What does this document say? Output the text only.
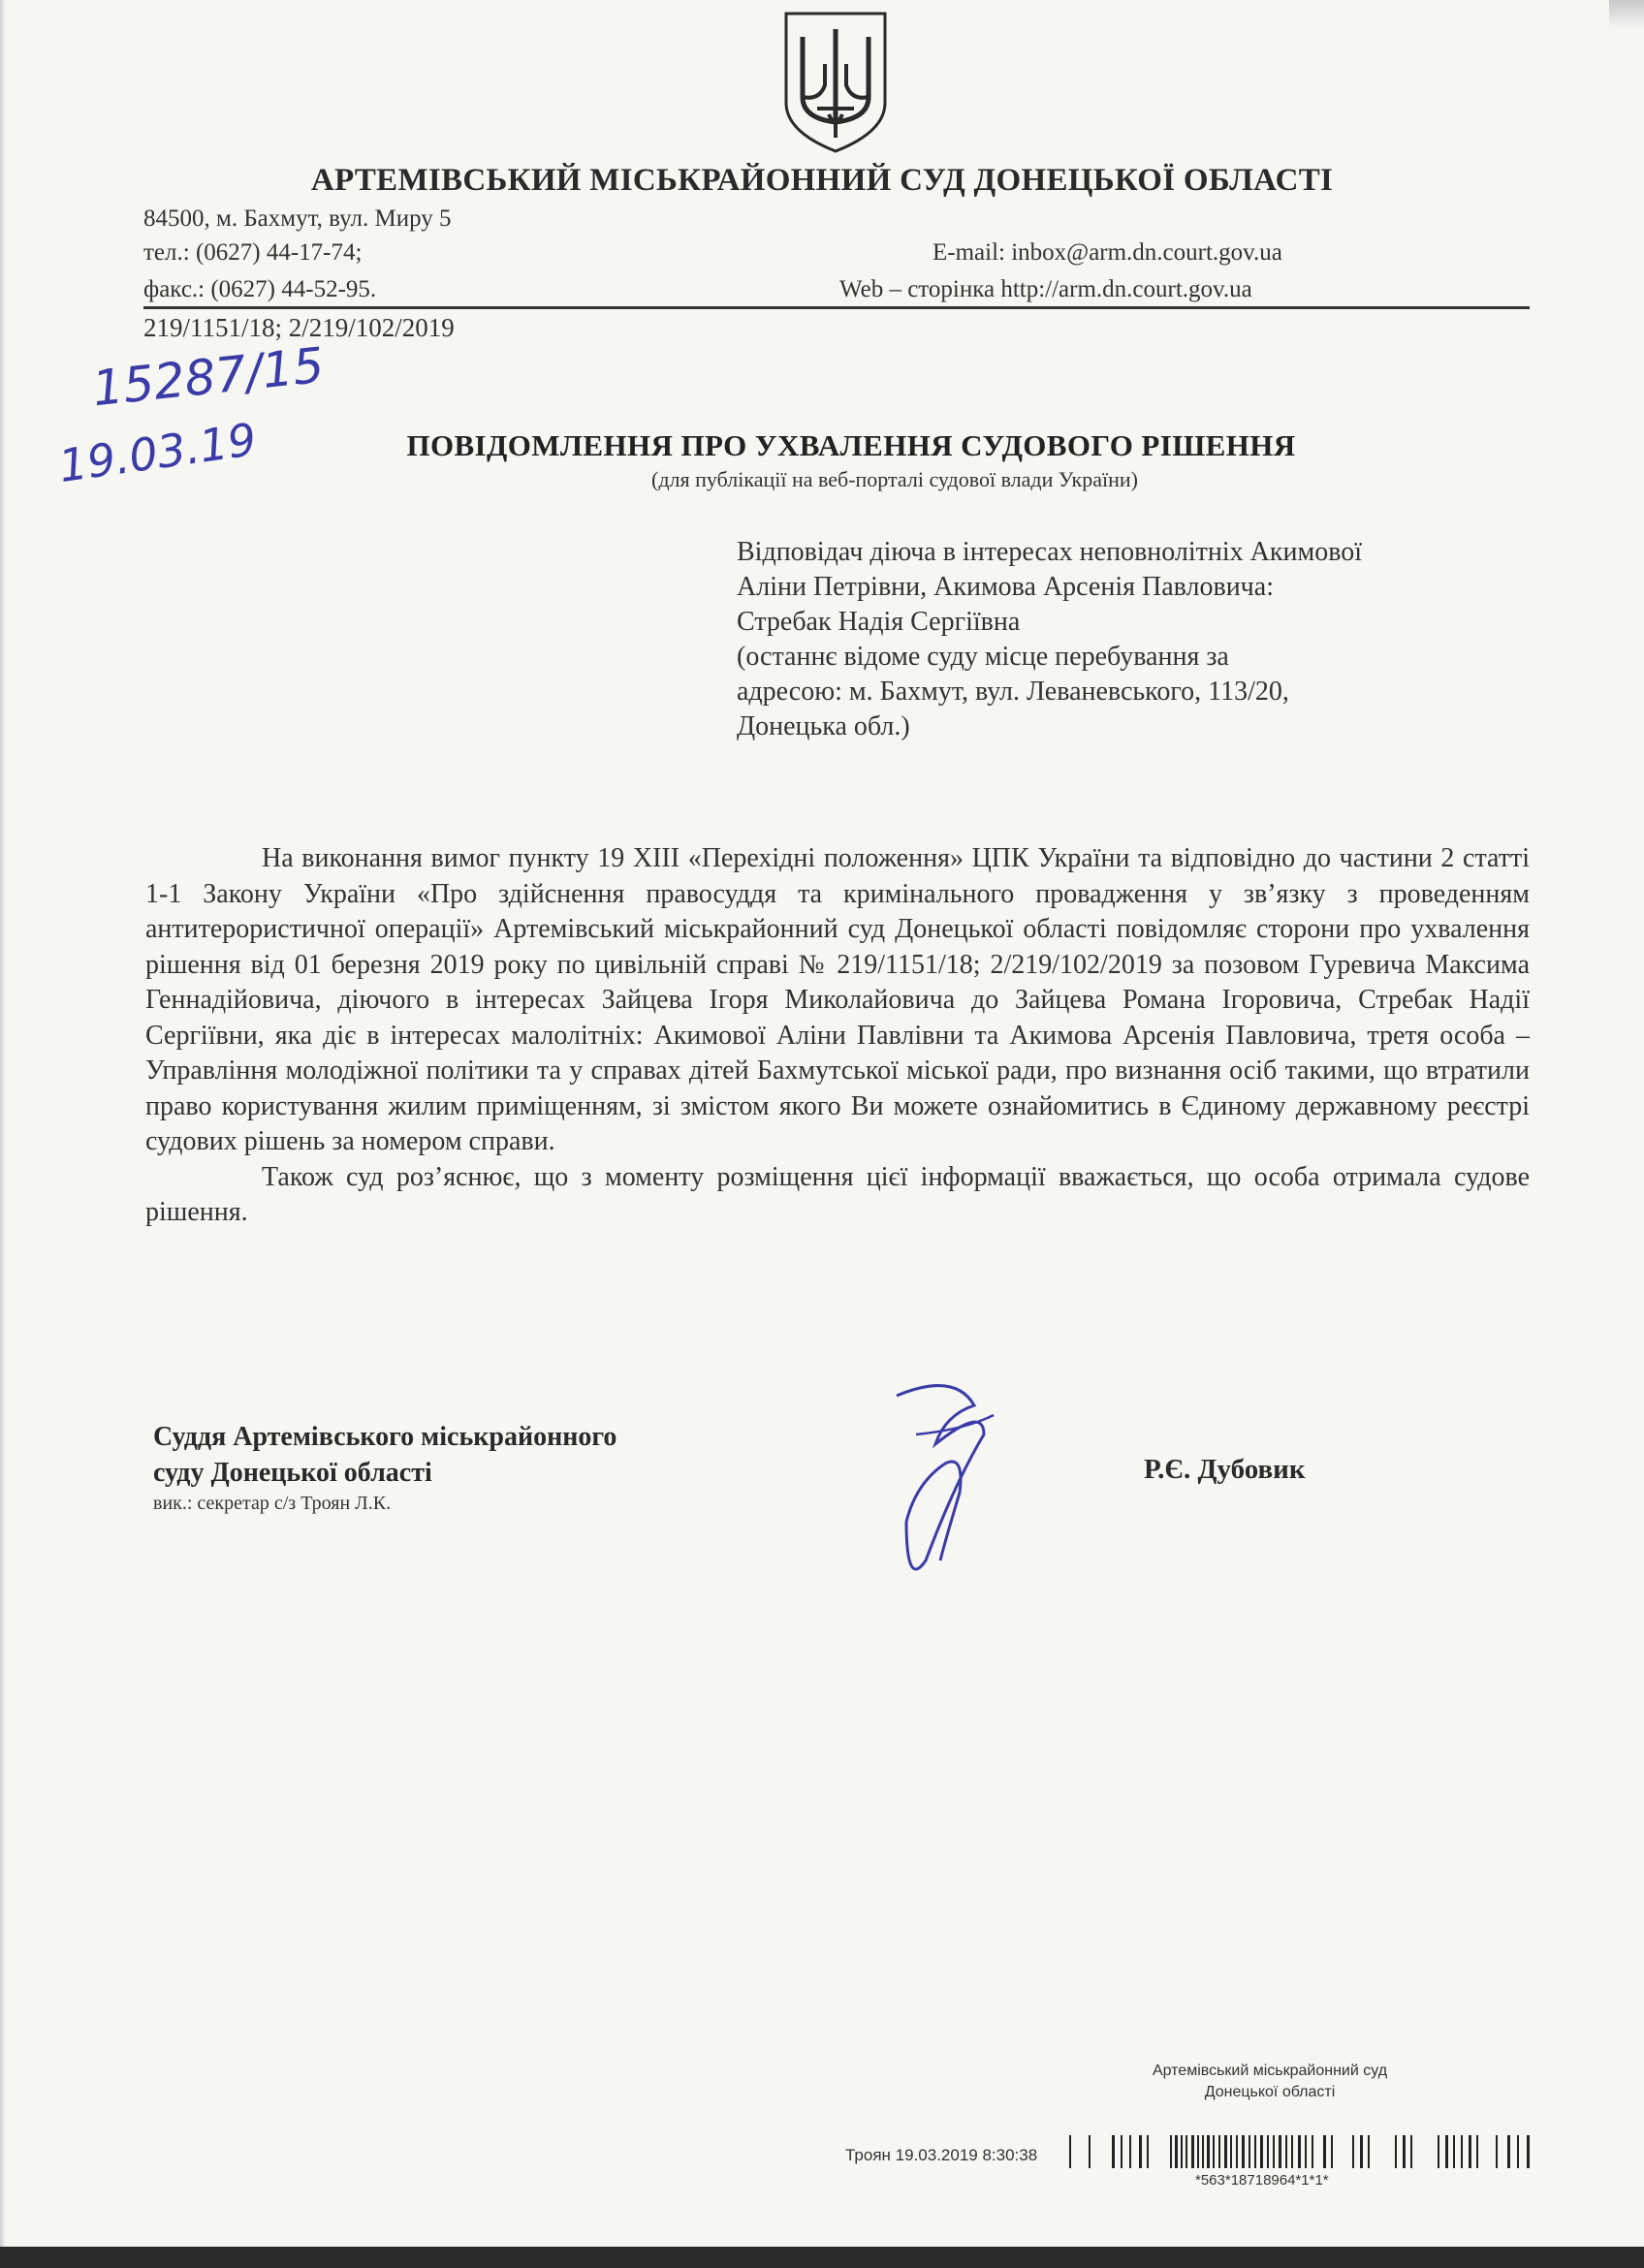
АРТЕМІВСЬКИЙ МІСЬКРАЙОННИЙ СУД ДОНЕЦЬКОЇ ОБЛАСТІ
84500, м. Бахмут, вул. Миру 5
тел.: (0627) 44-17-74;
факс.: (0627) 44-52-95.
E-mail: inbox@arm.dn.court.gov.ua
Web – сторінка http://arm.dn.court.gov.ua
219/1151/18; 2/219/102/2019
15287/15
19.03.19	ПОВІДОМЛЕННЯ ПРО УХВАЛЕННЯ СУДОВОГО РІШЕННЯ
(для публікації на веб-порталі судової влади України)
Відповідач діюча в інтересах неповнолітніх Акимової
Аліни Петрівни, Акимова Арсенія Павловича:
Стребак Надія Сергіївна
(останнє відоме суду місце перебування за
адресою: м. Бахмут, вул. Леваневського, 113/20,
Донецька обл.)

На виконання вимог пункту 19 ХІІІ «Перехідні положення» ЦПК України та відповідно до частини 2 статті 1-1 Закону України «Про здійснення правосуддя та кримінального провадження у зв’язку з проведенням антитерористичної операції» Артемівський міськрайонний суд Донецької області повідомляє сторони про ухвалення рішення від 01 березня 2019 року по цивільній справі № 219/1151/18; 2/219/102/2019 за позовом Гуревича Максима Геннадійовича, діючого в інтересах Зайцева Ігоря Миколайовича до Зайцева Романа Ігоровича, Стребак Надії Сергіївни, яка діє в інтересах малолітніх: Акимової Аліни Павлівни та Акимова Арсенія Павловича, третя особа – Управління молодіжної політики та у справах дітей Бахмутської міської ради, про визнання осіб такими, що втратили право користування жилим приміщенням, зі змістом якого Ви можете ознайомитись в Єдиному державному реєстрі судових рішень за номером справи.

Також суд роз’яснює, що з моменту розміщення цієї інформації вважається, що особа отримала судове рішення.

Суддя Артемівського міськрайонного
суду Донецької області
вик.: секретар с/з Троян Л.К.
Р.Є. Дубовик
Артемівський міськрайонний суд
Донецької області
Троян 19.03.2019 8:30:38
*563*18718964*1*1*
